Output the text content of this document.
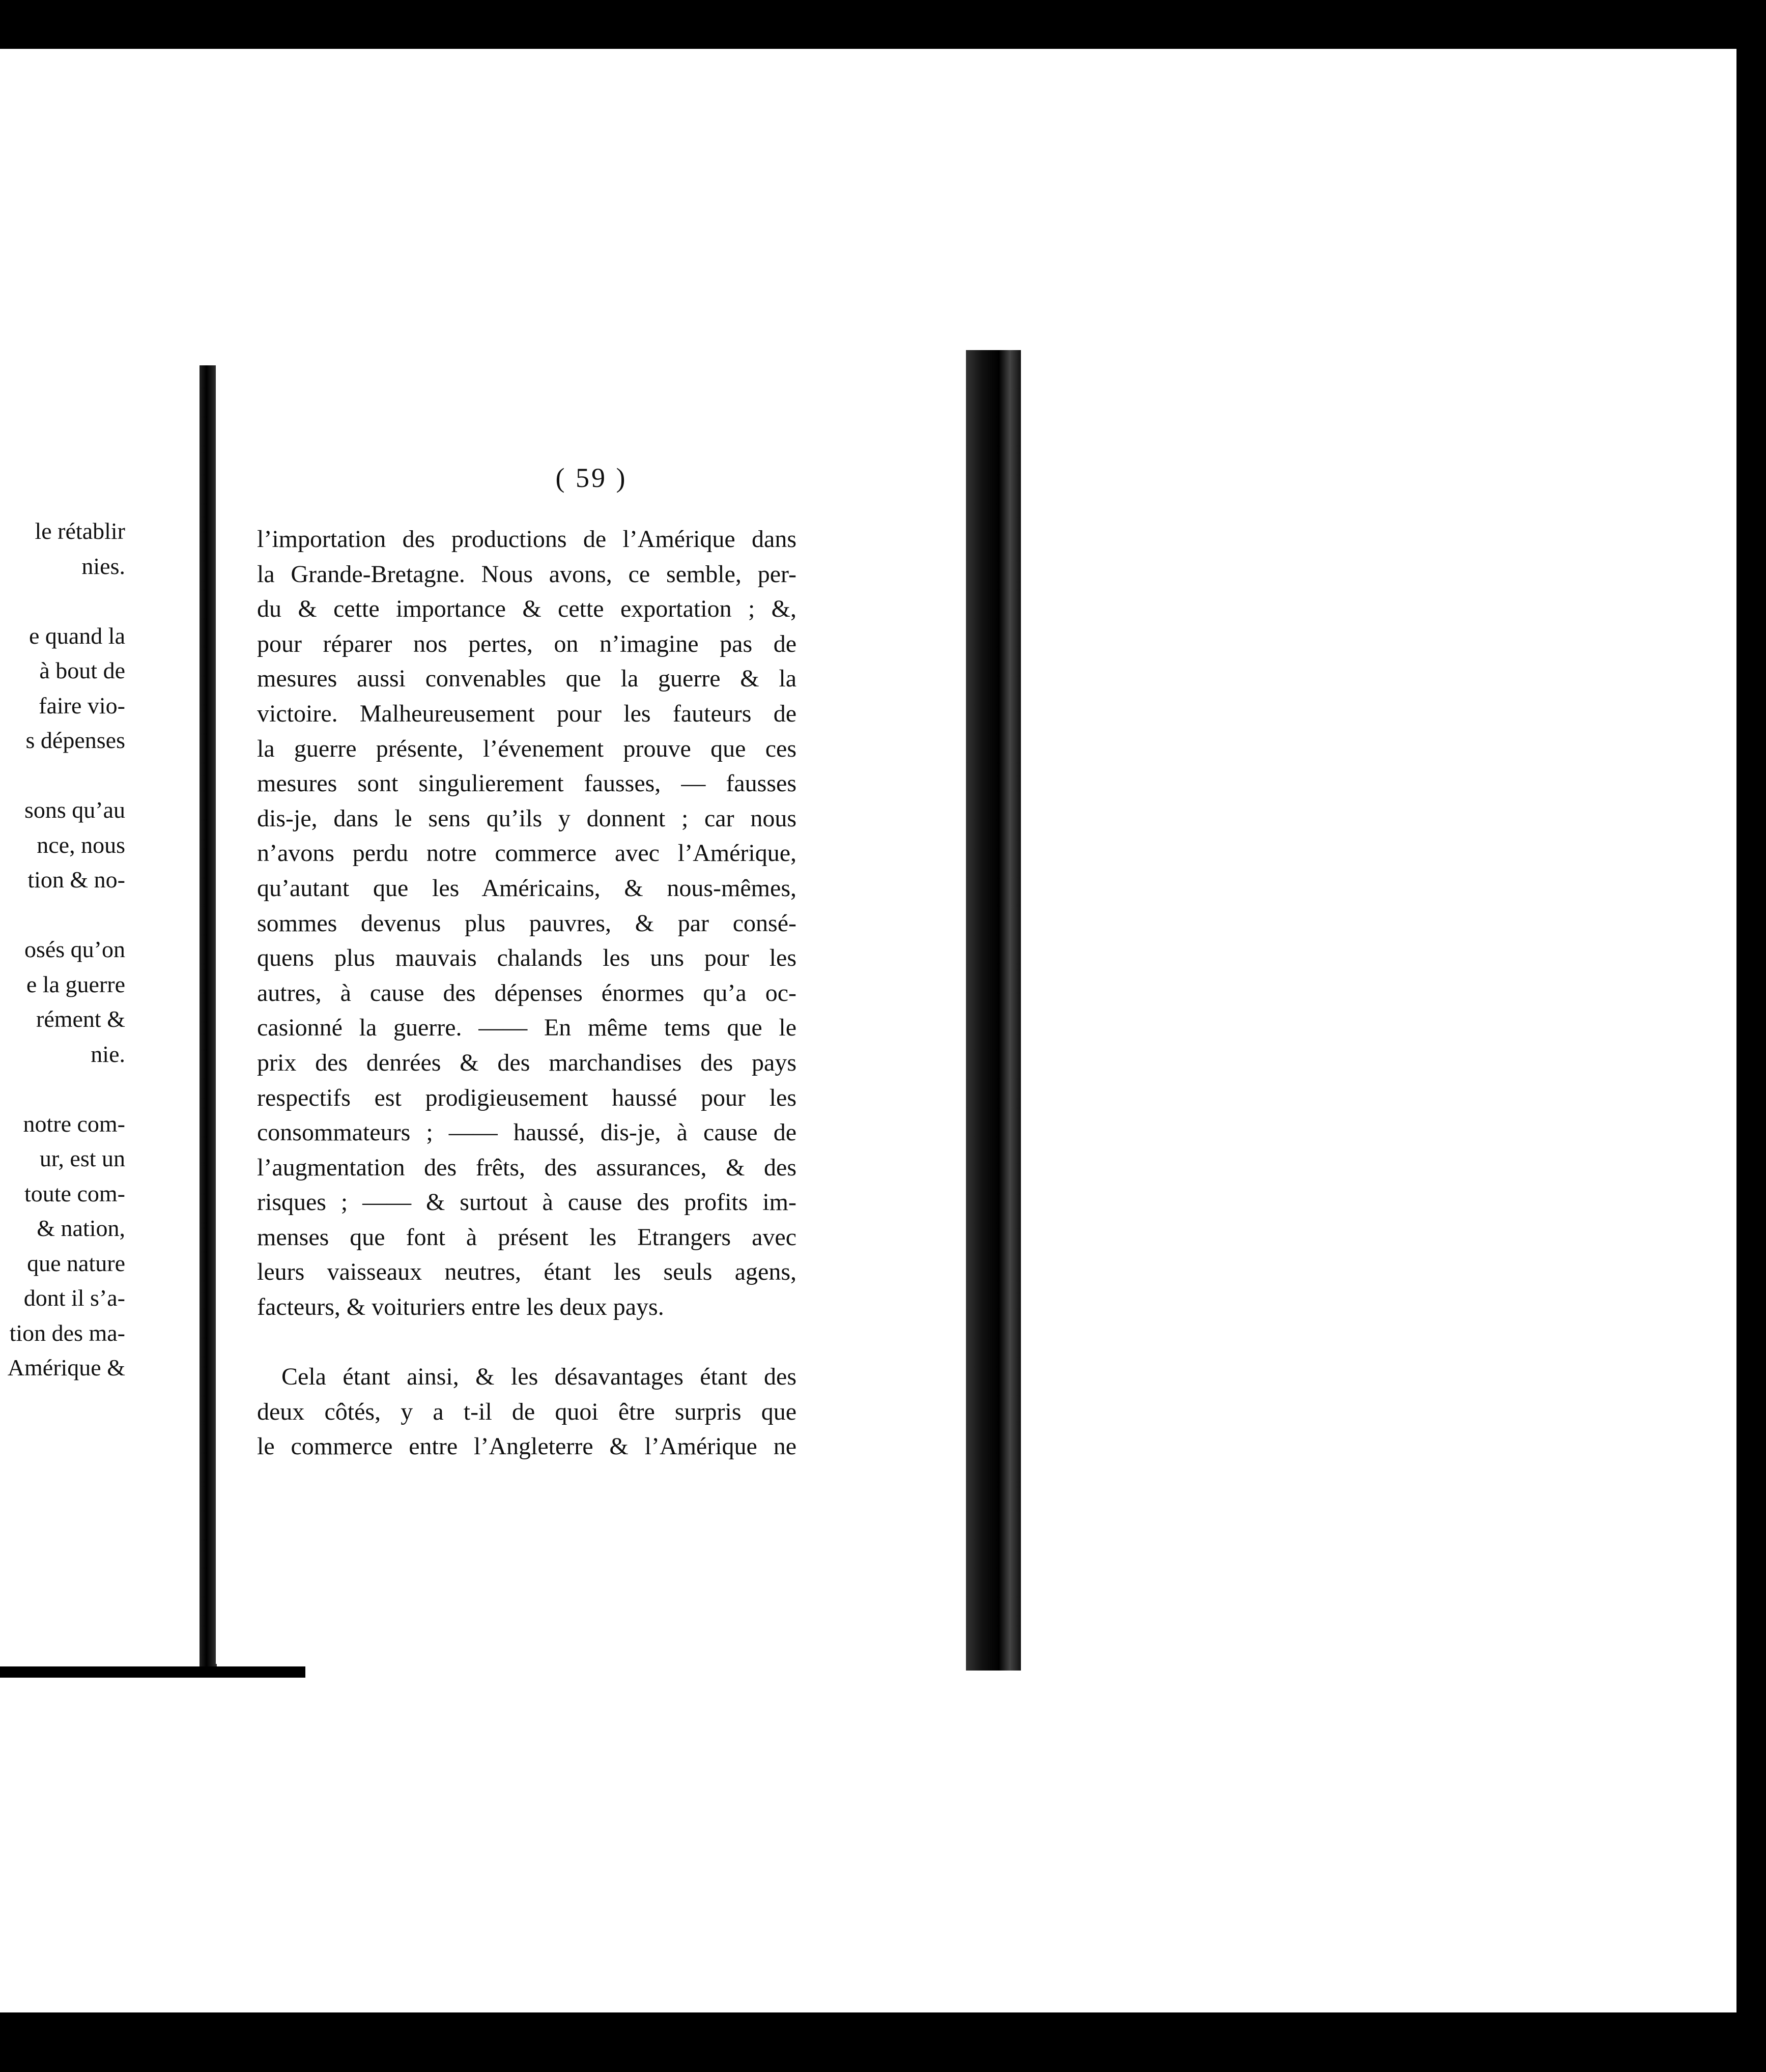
le rétablir
nies.
e quand la
à bout de
faire vio-
s dépenses
sons qu’au
nce, nous
tion & no-
osés qu’on
e la guerre
rément &
nie.
notre com-
ur, est un
toute com-
& nation,
que nature
dont il s’a-
tion des ma-
Amérique &
( 59 )
l’importation des productions de l’Amérique dans
la Grande-Bretagne. Nous avons, ce semble, per-
du & cette importance & cette exportation ; &,
pour réparer nos pertes, on n’imagine pas de
mesures aussi convenables que la guerre & la
victoire. Malheureusement pour les fauteurs de
la guerre présente, l’évenement prouve que ces
mesures sont singulierement fausses, — fausses
dis-je, dans le sens qu’ils y donnent ; car nous
n’avons perdu notre commerce avec l’Amérique,
qu’autant que les Américains, & nous-mêmes,
sommes devenus plus pauvres, & par consé-
quens plus mauvais chalands les uns pour les
autres, à cause des dépenses énormes qu’a oc-
casionné la guerre. —— En même tems que le
prix des denrées & des marchandises des pays
respectifs est prodigieusement haussé pour les
consommateurs ; —— haussé, dis-je, à cause de
l’augmentation des frêts, des assurances, & des
risques ; —— & surtout à cause des profits im-
menses que font à présent les Etrangers avec
leurs vaisseaux neutres, étant les seuls agens,
facteurs, & voituriers entre les deux pays.
Cela étant ainsi, & les désavantages étant des
deux côtés, y a t-il de quoi être surpris que
le commerce entre l’Angleterre & l’Amérique ne
